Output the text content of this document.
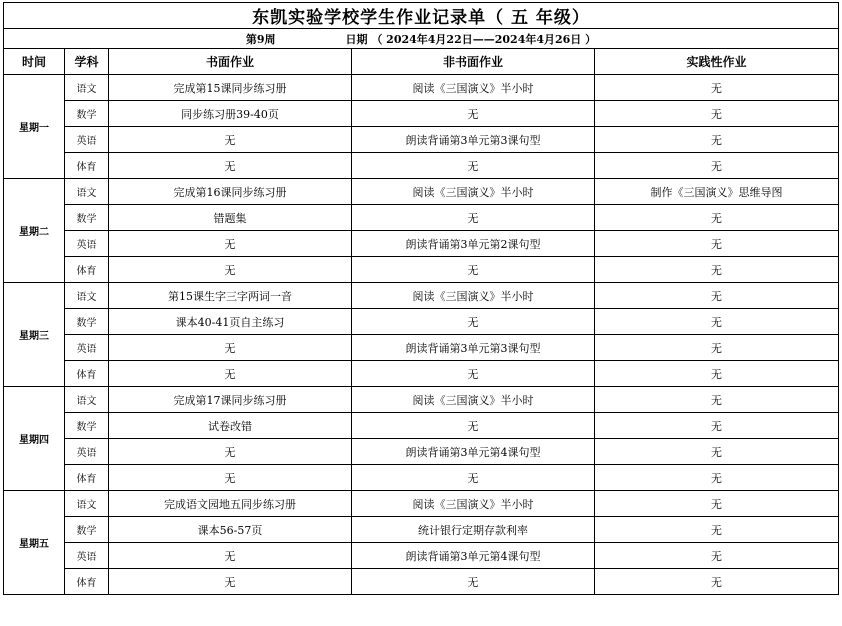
东凯实验学校学生作业记录单（ 五 年级）				
第9周 日期 （ 2024年4月22日——2024年4月26日 ）				
时间	学科	书面作业	非书面作业	实践性作业
星期一	语文	完成第15课同步练习册	阅读《三国演义》半小时	无
	数学	同步练习册39-40页	无	无
	英语	无	朗读背诵第3单元第3课句型	无
	体育	无	无	无
星期二	语文	完成第16课同步练习册	阅读《三国演义》半小时	制作《三国演义》思维导图
	数学	错题集	无	无
	英语	无	朗读背诵第3单元第2课句型	无
	体育	无	无	无
星期三	语文	第15课生字三字两词一音	阅读《三国演义》半小时	无
	数学	课本40-41页自主练习	无	无
	英语	无	朗读背诵第3单元第3课句型	无
	体育	无	无	无
星期四	语文	完成第17课同步练习册	阅读《三国演义》半小时	无
	数学	试卷改错	无	无
	英语	无	朗读背诵第3单元第4课句型	无
	体育	无	无	无
星期五	语文	完成语文园地五同步练习册	阅读《三国演义》半小时	无
	数学	课本56-57页	统计银行定期存款利率	无
	英语	无	朗读背诵第3单元第4课句型	无
	体育	无	无	无
